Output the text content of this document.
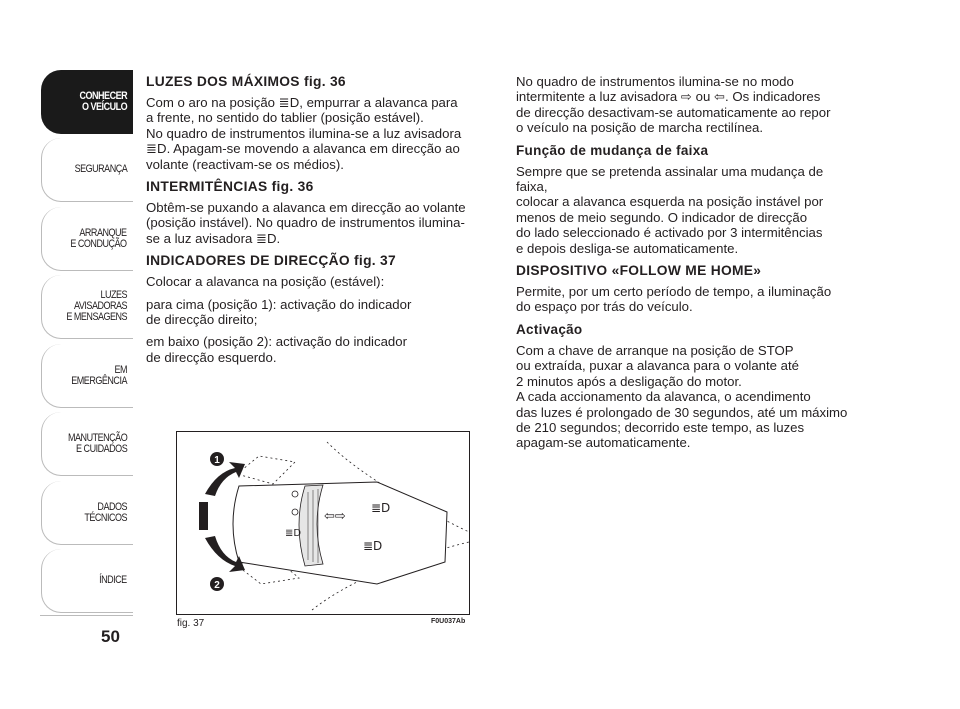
CONHECER
O VEÍCULO
SEGURANÇA
ARRANQUE
E CONDUÇÃO
LUZES
AVISADORAS
E MENSAGENS
EM EMERGÊNCIA
MANUTENÇÃO
E CUIDADOS
DADOS
TÉCNICOS
ÍNDICE
50
LUZES DOS MÁXIMOS fig. 36

Com o aro na posição ≣D, empurrar a alavanca para
a frente, no sentido do tablier (posição estável).
No quadro de instrumentos ilumina-se a luz avisadora
≣D. Apagam-se movendo a alavanca em direcção ao
volante (reactivam-se os médios).

INTERMITÊNCIAS fig. 36

Obtêm-se puxando a alavanca em direcção ao volante
(posição instável). No quadro de instrumentos ilumina-
se a luz avisadora ≣D.

INDICADORES DE DIRECÇÃO fig. 37

Colocar a alavanca na posição (estável):

para cima (posição 1): activação do indicador
de direcção direito;

em baixo (posição 2): activação do indicador
de direcção esquerdo.

No quadro de instrumentos ilumina-se no modo
intermitente a luz avisadora ⇨ ou ⇦. Os indicadores
de direcção desactivam-se automaticamente ao repor
o veículo na posição de marcha rectilínea.

Função de mudança de faixa

Sempre que se pretenda assinalar uma mudança de faixa,
colocar a alavanca esquerda na posição instável por
menos de meio segundo. O indicador de direcção
do lado seleccionado é activado por 3 intermitências
e depois desliga-se automaticamente.

DISPOSITIVO «FOLLOW ME HOME»

Permite, por um certo período de tempo, a iluminação
do espaço por trás do veículo.

Activação

Com a chave de arranque na posição de STOP
ou extraída, puxar a alavanca para o volante até
2 minutos após a desligação do motor.
A cada accionamento da alavanca, o acendimento
das luzes é prolongado de 30 segundos, até um máximo
de 210 segundos; decorrido este tempo, as luzes
apagam-se automaticamente.

≣D
⇦⇨
≣D
≣D
1
2
fig. 37	F0U037Ab
